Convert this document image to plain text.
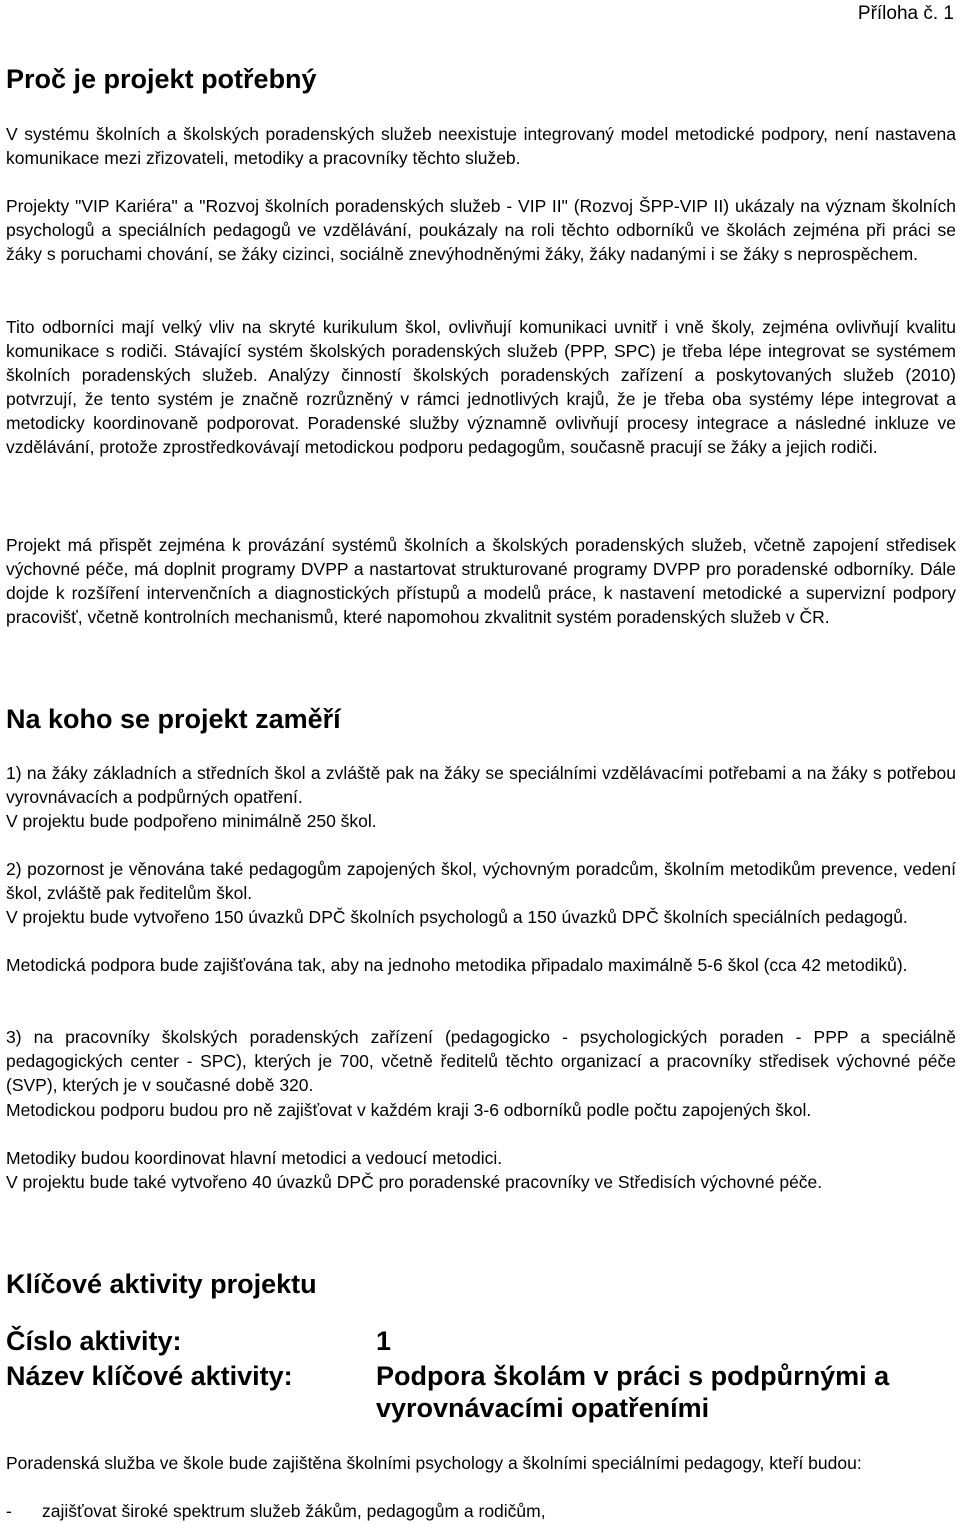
Příloha č. 1
Proč je projekt potřebný

V systému školních a školských poradenských služeb neexistuje integrovaný model metodické podpory, není nastavena komunikace mezi zřizovateli, metodiky a pracovníky těchto služeb.

Projekty "VIP Kariéra" a "Rozvoj školních poradenských služeb - VIP II" (Rozvoj ŠPP-VIP II) ukázaly na význam školních psychologů a speciálních pedagogů ve vzdělávání, poukázaly na roli těchto odborníků ve školách zejména při práci se žáky s poruchami chování, se žáky cizinci, sociálně znevýhodněnými žáky, žáky nadanými i se žáky s neprospěchem.

Tito odborníci mají velký vliv na skryté kurikulum škol, ovlivňují komunikaci uvnitř i vně školy, zejména ovlivňují kvalitu komunikace s rodiči. Stávající systém školských poradenských služeb (PPP, SPC) je třeba lépe integrovat se systémem školních poradenských služeb. Analýzy činností školských poradenských zařízení a poskytovaných služeb (2010) potvrzují, že tento systém je značně rozrůzněný v rámci jednotlivých krajů, že je třeba oba systémy lépe integrovat a metodicky koordinovaně podporovat. Poradenské služby významně ovlivňují procesy integrace a následné inkluze ve vzdělávání, protože zprostředkovávají metodickou podporu pedagogům, současně pracují se žáky a jejich rodiči.

Projekt má přispět zejména k provázání systémů školních a školských poradenských služeb, včetně zapojení středisek výchovné péče, má doplnit programy DVPP a nastartovat strukturované programy DVPP pro poradenské odborníky. Dále dojde k rozšíření intervenčních a diagnostických přístupů a modelů práce, k nastavení metodické a supervizní podpory pracovišť, včetně kontrolních mechanismů, které napomohou zkvalitnit systém poradenských služeb v ČR.

Na koho se projekt zaměří

1) na žáky základních a středních škol a zvláště pak na žáky se speciálními vzdělávacími potřebami a na žáky s potřebou vyrovnávacích a podpůrných opatření.

V projektu bude podpořeno minimálně 250 škol.

2) pozornost je věnována také pedagogům zapojených škol, výchovným poradcům, školním metodikům prevence, vedení škol, zvláště pak ředitelům škol.

V projektu bude vytvořeno 150 úvazků DPČ školních psychologů a 150 úvazků DPČ školních speciálních pedagogů.

Metodická podpora bude zajišťována tak, aby na jednoho metodika připadalo maximálně 5-6 škol (cca 42 metodiků).

3) na pracovníky školských poradenských zařízení (pedagogicko - psychologických poraden - PPP a speciálně pedagogických center - SPC), kterých je 700, včetně ředitelů těchto organizací a pracovníky středisek výchovné péče (SVP), kterých je v současné době 320.

Metodickou podporu budou pro ně zajišťovat v každém kraji 3-6 odborníků podle počtu zapojených škol.

Metodiky budou koordinovat hlavní metodici a vedoucí metodici.

V projektu bude také vytvořeno 40 úvazků DPČ pro poradenské pracovníky ve Středisích výchovné péče.

Klíčové aktivity projektu
Číslo aktivity:	1
Název klíčové aktivity:	Podpora školám v práci s podpůrnými a vyrovnávacími opatřeními

Poradenská služba ve škole bude zajištěna školními psychology a školními speciálními pedagogy, kteří budou:

-	zajišťovat široké spektrum služeb žákům, pedagogům a rodičům,
